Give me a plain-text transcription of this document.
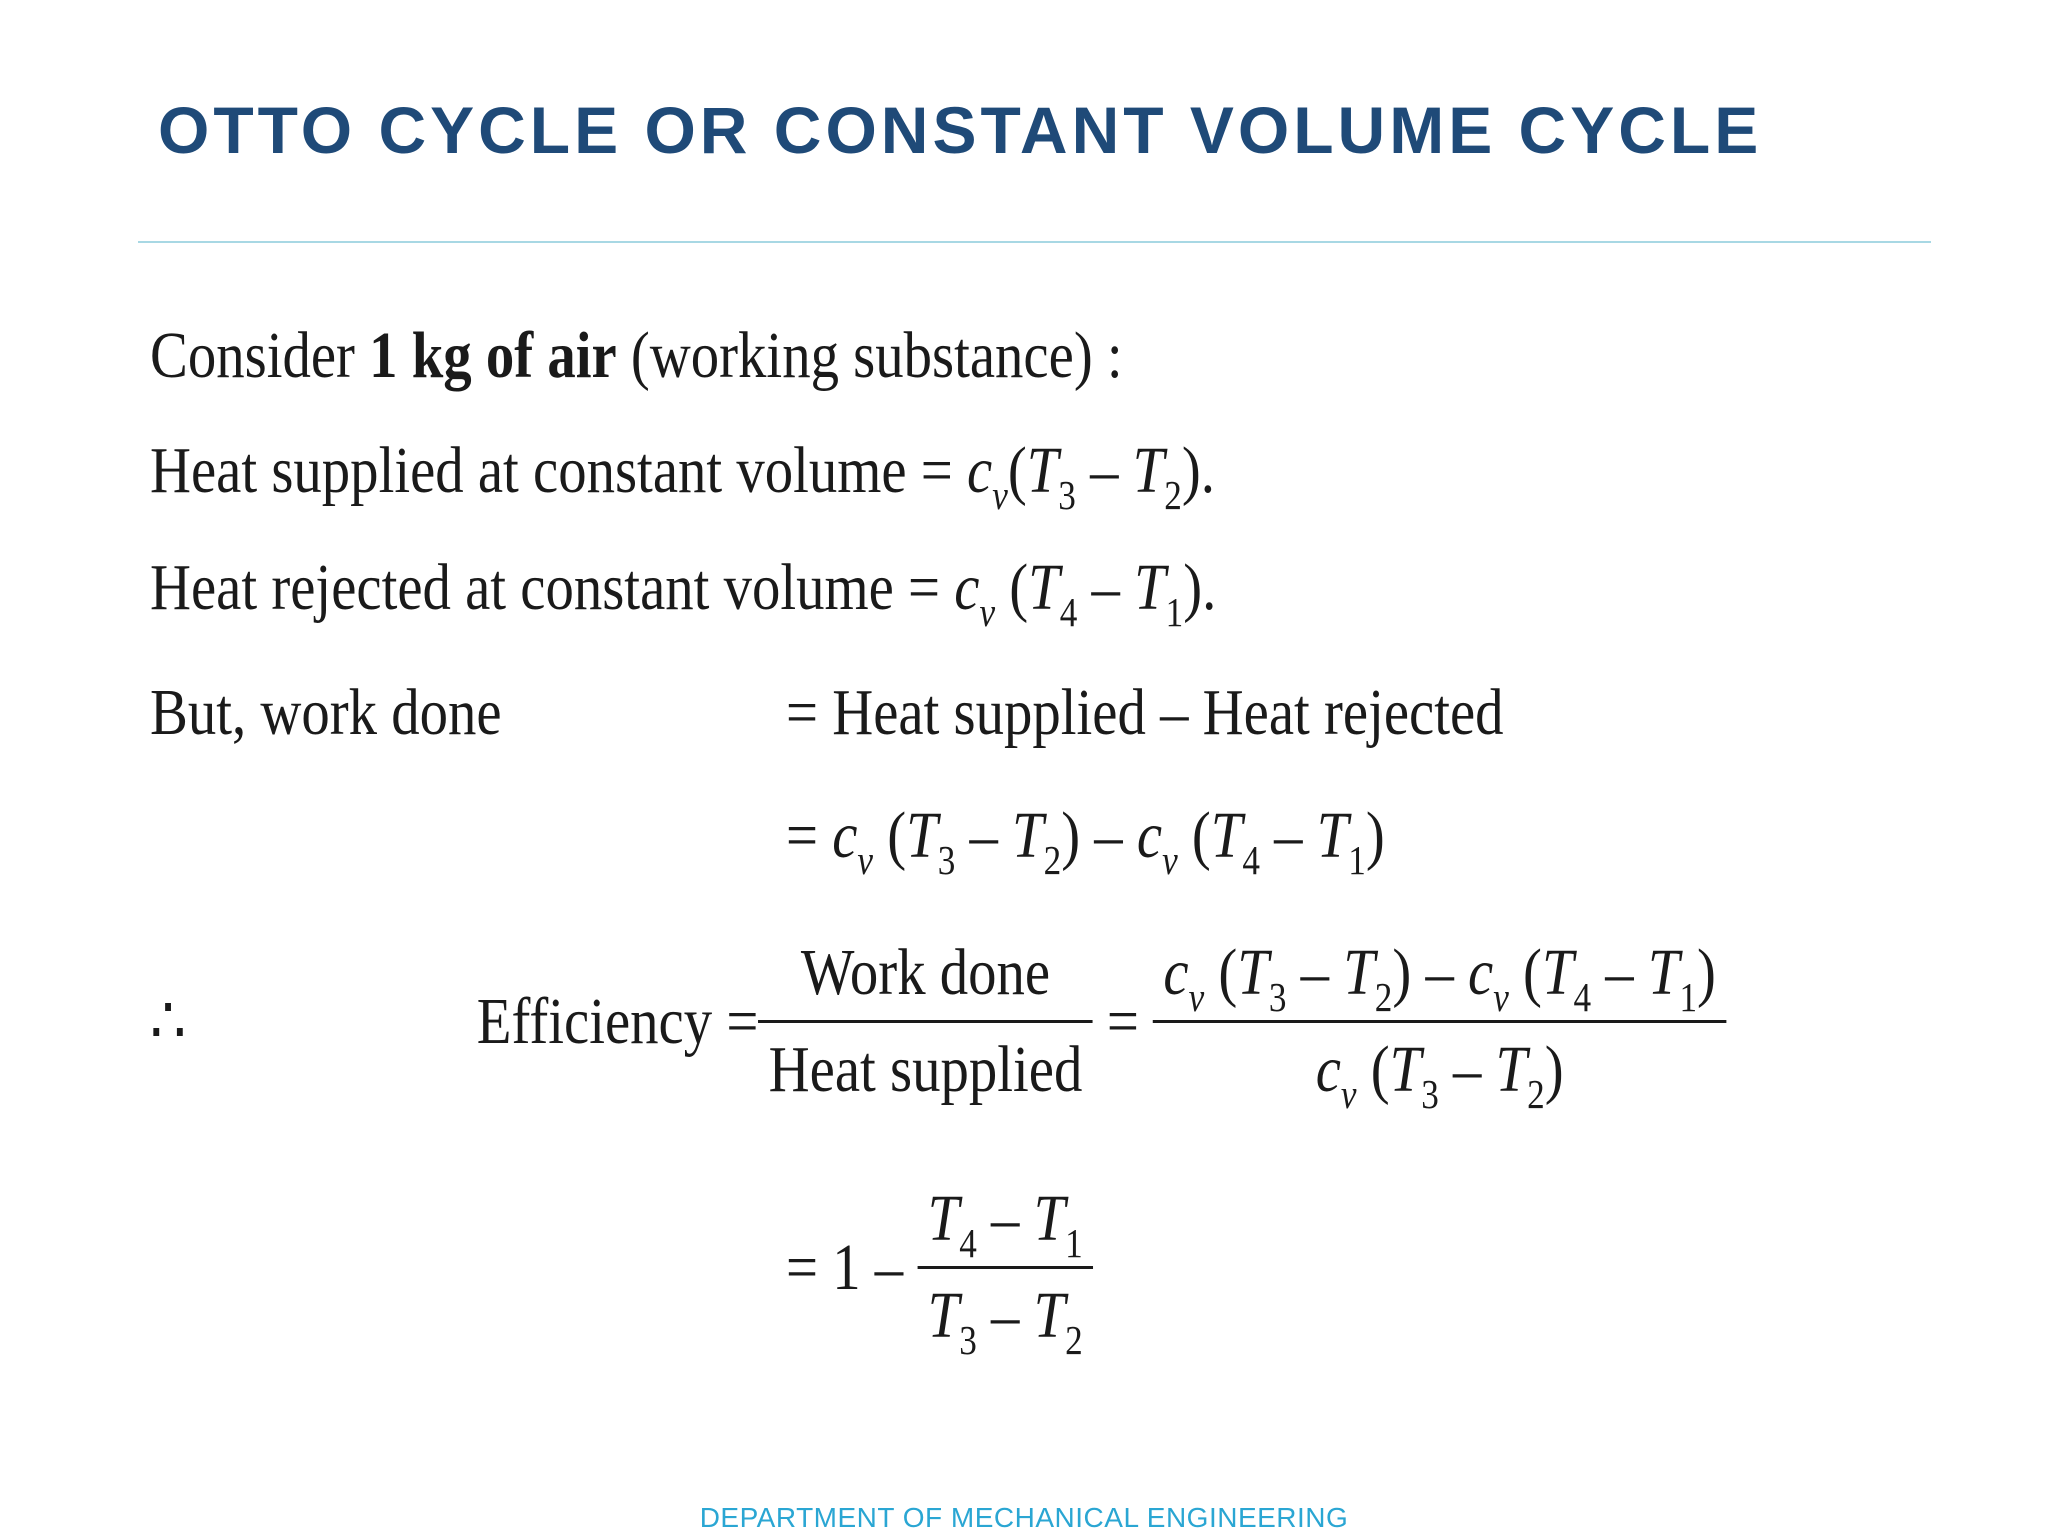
OTTO CYCLE OR CONSTANT VOLUME CYCLE
Consider 1 kg of air (working substance) :
Heat supplied at constant volume = $c_v(T_3 - T_2)$.
Heat rejected at constant volume = $c_v$ $(T_4 - T_1)$.
But, work done	= Heat supplied – Heat rejected
= $c_v$ $(T_3 - T_2) - c_v$ $(T_4 - T_1)$
∴	Efficiency = $\frac{\text{Work done}}{\text{Heat supplied}} = \frac{c_v (T_3 - T_2) - c_v (T_4 - T_1)}{c_v (T_3 - T_2)}$
= $1 - \frac{T_4 - T_1}{T_3 - T_2}$
DEPARTMENT OF MECHANICAL ENGINEERING
